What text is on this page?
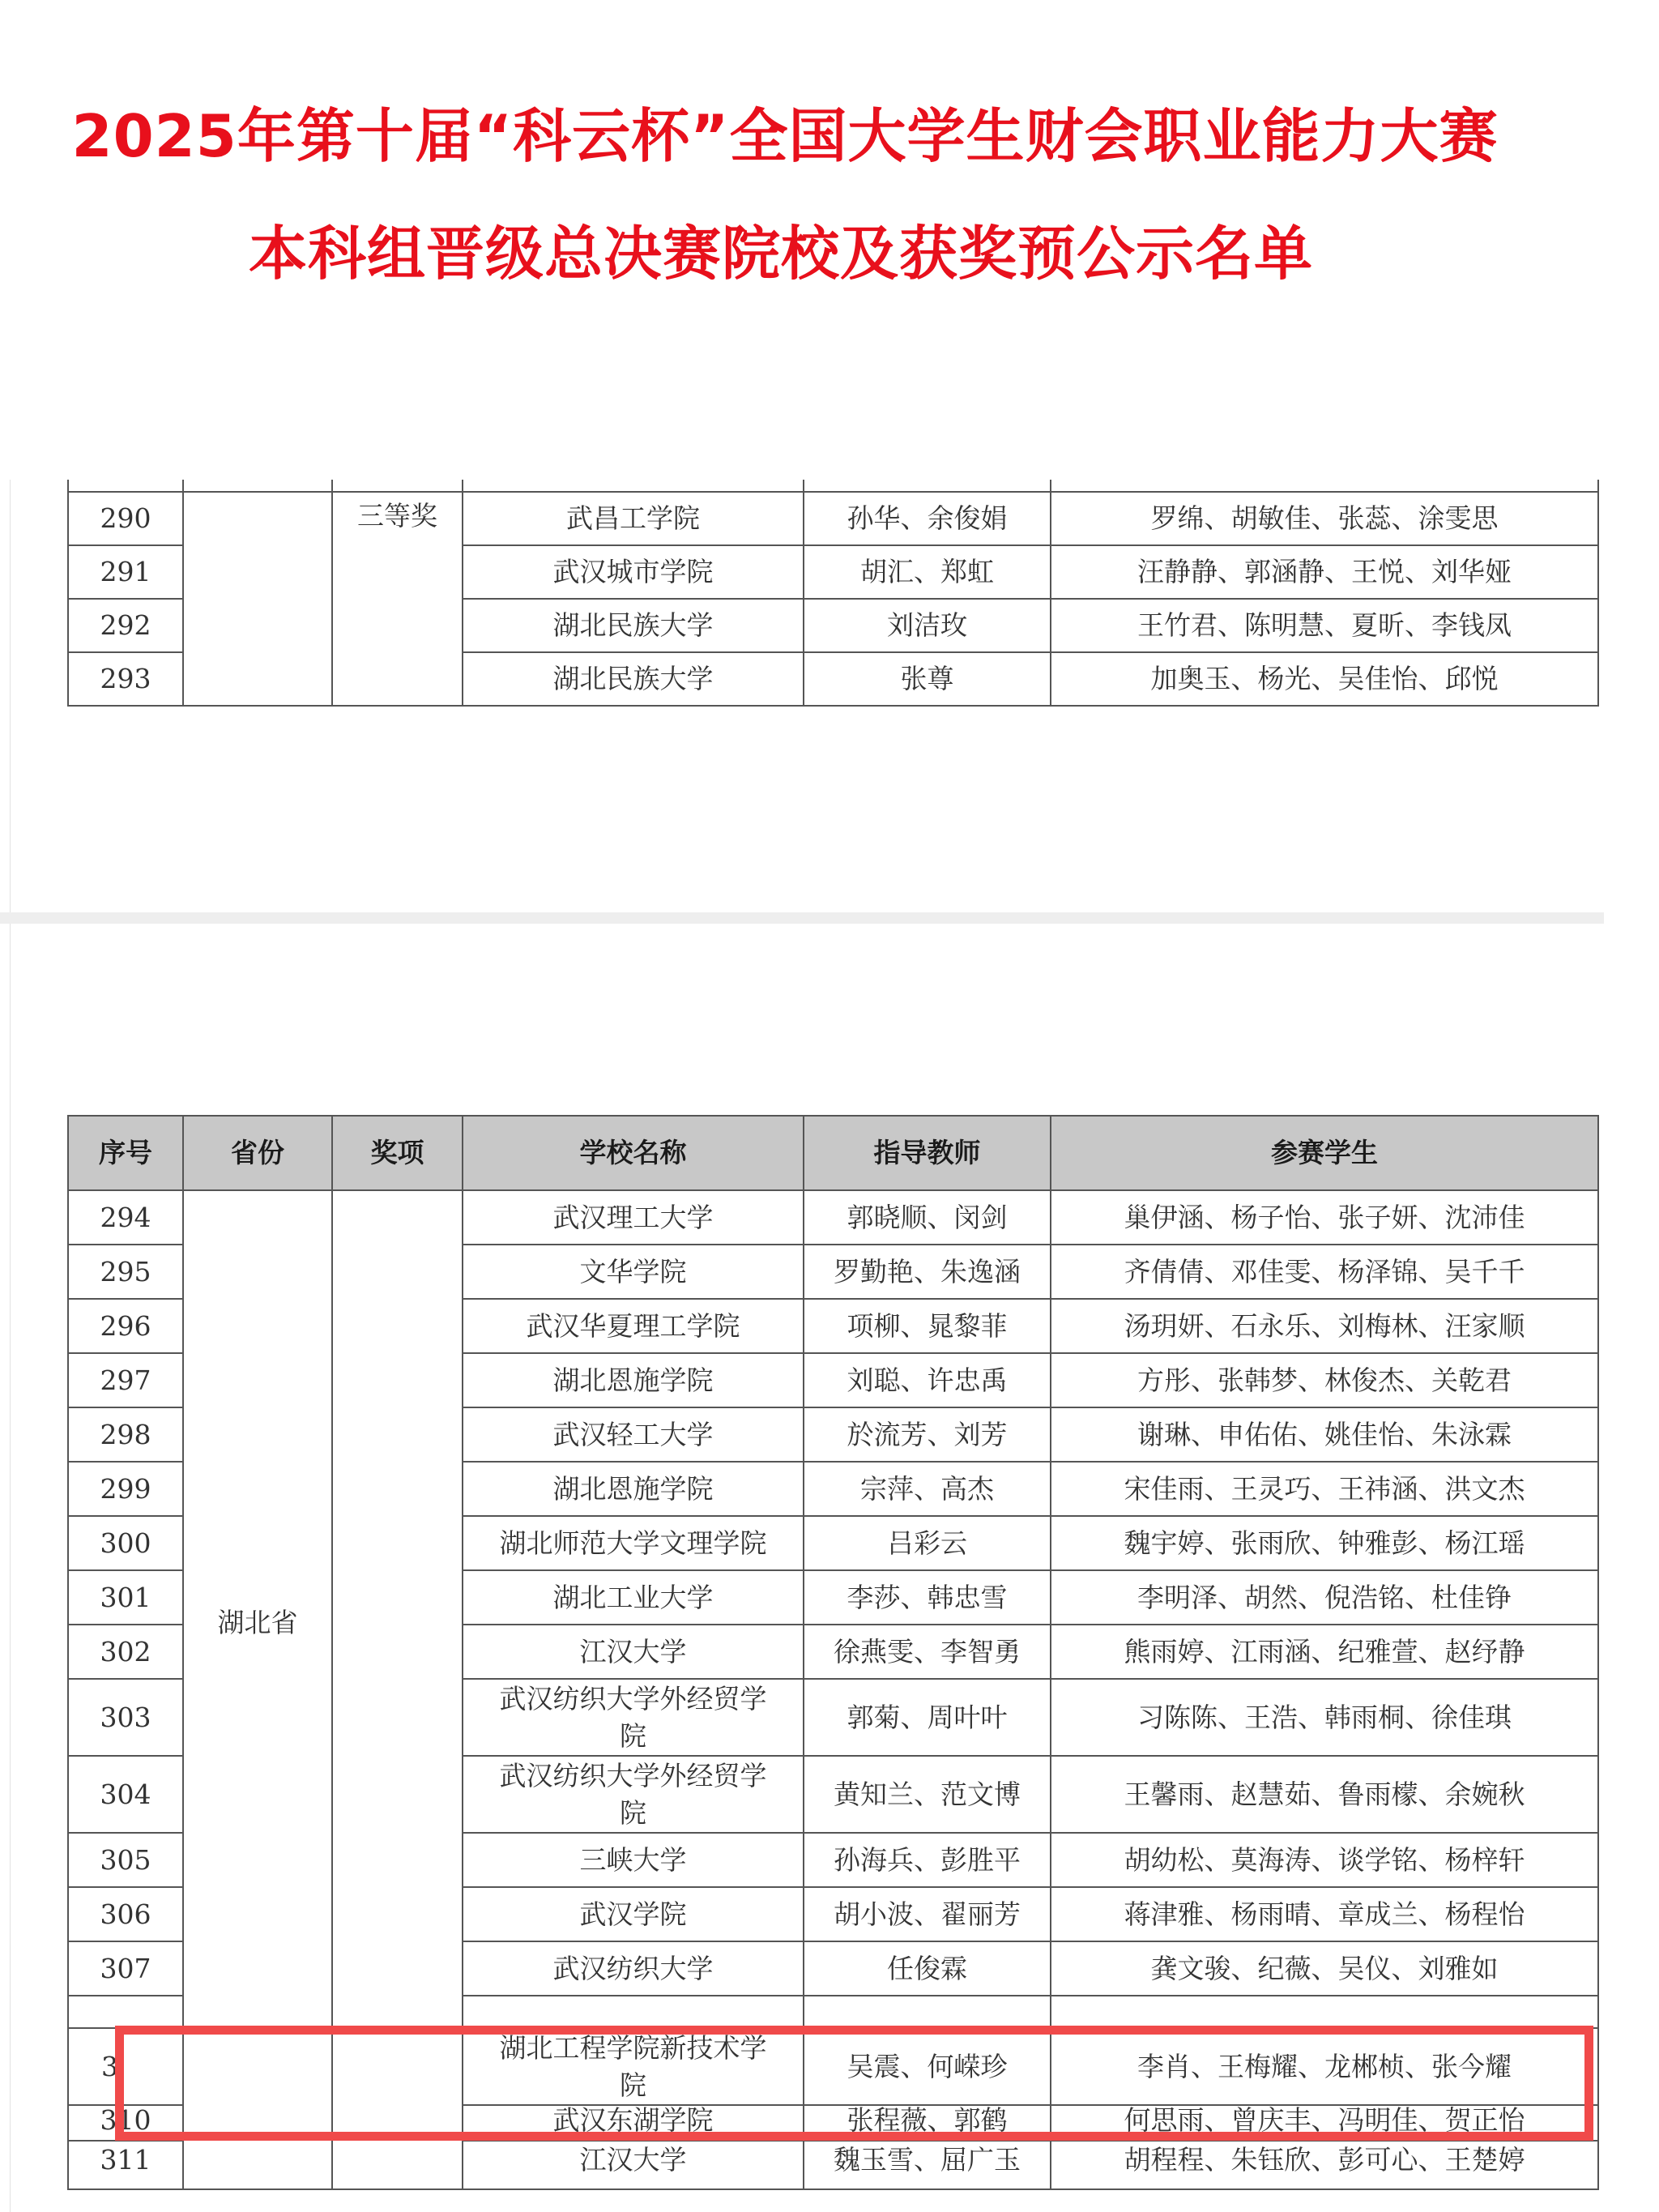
2025年第十届“科云杯”全国大学生财会职业能力大赛
本科组晋级总决赛院校及获奖预公示名单

290		三等奖	武昌工学院	孙华、余俊娟	罗绵、胡敏佳、张蕊、涂雯思
291			武汉城市学院	胡汇、郑虹	汪静静、郭涵静、王悦、刘华娅
292			湖北民族大学	刘洁玫	王竹君、陈明慧、夏昕、李钱凤
293			湖北民族大学	张尊	加奥玉、杨光、吴佳怡、邱悦
序号	省份	奖项	学校名称	指导教师	参赛学生
294	湖北省		武汉理工大学	郭晓顺、闵剑	巢伊涵、杨子怡、张子妍、沈沛佳
295			文华学院	罗勤艳、朱逸涵	齐倩倩、邓佳雯、杨泽锦、吴千千
296			武汉华夏理工学院	项柳、晁黎菲	汤玥妍、石永乐、刘梅林、汪家顺
297			湖北恩施学院	刘聪、许忠禹	方彤、张韩梦、林俊杰、关乾君
298			武汉轻工大学	於流芳、刘芳	谢琳、申佑佑、姚佳怡、朱泳霖
299			湖北恩施学院	宗萍、高杰	宋佳雨、王灵巧、王祎涵、洪文杰
300			湖北师范大学文理学院	吕彩云	魏宇婷、张雨欣、钟雅彭、杨江瑶
301			湖北工业大学	李莎、韩忠雪	李明泽、胡然、倪浩铭、杜佳铮
302			江汉大学	徐燕雯、李智勇	熊雨婷、江雨涵、纪雅萱、赵纾静
303			武汉纺织大学外经贸学院	郭菊、周叶叶	习陈陈、王浩、韩雨桐、徐佳琪
304			武汉纺织大学外经贸学院	黄知兰、范文博	王馨雨、赵慧茹、鲁雨檬、余婉秋
305			三峡大学	孙海兵、彭胜平	胡幼松、莫海涛、谈学铭、杨梓轩
306			武汉学院	胡小波、翟丽芳	蒋津雅、杨雨晴、章成兰、杨程怡
307			武汉纺织大学	任俊霖	龚文骏、纪薇、吴仪、刘雅如

3			湖北工程学院新技术学院	吴震、何嵘珍	李肖、王梅耀、龙郴桢、张今耀
310			武汉东湖学院	张程薇、郭鹤	何思雨、曾庆丰、冯明佳、贺正怡
311			江汉大学	魏玉雪、屈广玉	胡程程、朱钰欣、彭可心、王楚婷
